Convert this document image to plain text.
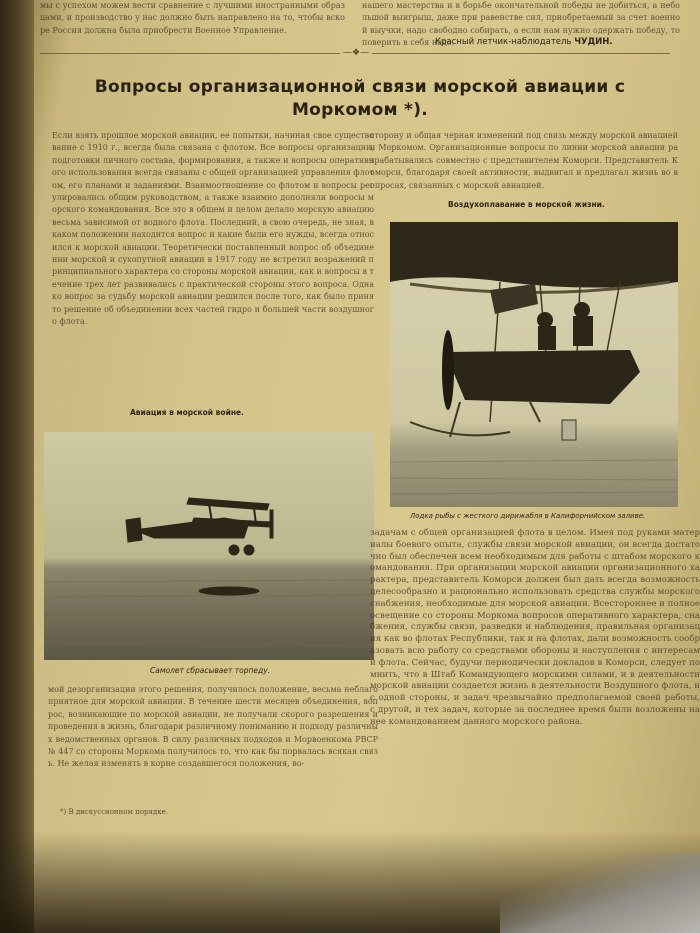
мы с успехом можем вести сравнение с лучшими иностранными образцами, и производство у нас должно быть направлено на то, чтобы вскоре Россия должна была приобрести Военное Управление.
нашего мастерства и в борьбе окончательной победы не добиться, а небольшой выигрыш, даже при равенстве сил, приобретаемый за счет военной выучки, надо свободно собирать, а если нам нужно одержать победу, то поверить в себя надо.
Красный летчик-наблюдатель ЧУДИН.
—❖—
Вопросы организационной связи морской авиации с Моркомом *).
Если взять прошлое морской авиации, ее попытки, начиная свое существование с 1910 г., всегда была связана с флотом. Все вопросы организации, подготовки личного состава, формирования, а также и вопросы оперативного использования всегда связаны с общей организацией управления флотом, его планами и заданиями. Взаимоотношение со флотом и вопросы регулировались общим руководством, а также взаимно дополняли вопросы морского командования. Все это в общем и целом делало морскую авиацию весьма зависимой от водного флота. Последний, в свою очередь, не зная, в каком положении находится вопрос и какие были его нужды, всегда относился к морской авиации. Теоретически поставленный вопрос об объединении морской и сухопутной авиации в 1917 году не встретил возражений принципиального характера со стороны морской авиации, как и вопросы в течение трех лет развивались с практической стороны этого вопроса. Однако вопрос за судьбу морской авиации решился после того, как было принято решение об объединении всех частей гидро и большей части воздушного флота.
Авиация в морской войне.
Самолет сбрасывает торпеду.
мой дезорганизации этого решения, получилось положение, весьма неблагоприятное для морской авиации. В течение шести месяцев объединения, вопрос, возникающие по морской авиации, не получали скорого разрешения и проведения в жизнь, благодаря различному пониманию и подходу различных ведомственных органов. В силу различных подходов и Морвоенкома РВСР № 447 со стороны Моркома получилось то, что как бы порвалась всякая связь. Не желая изменять в корне создавшегося положения, во-
*) В дискуссионном порядке.
сторону и общая черная изменений под связь между морской авиацией и Моркомом. Организационные вопросы по линии морской авиации разрабатывались совместно с представителем Коморси. Представитель Коморси, благодаря своей активности, выдвигал и предлагал жизнь во вопросах, связанных с морской авиацией.
Воздухоплавание в морской жизни.
Лодка рыбы с жесткого дирижабля в Калифорнийском заливе.
задачам с общей организацией флота в целом. Имея под руками материалы боевого опыта, службы связи морской авиации, он всегда достаточно был обеспечен всем необходимым для работы с штабом морского командования. При организации морской авиации организационного характера, представитель Коморси должен был дать всегда возможность целесообразно и рационально использовать средства службы морского снабжения, необходимые для морской авиации. Всестороннее и полное освещение со стороны Моркома вопросов оперативного характера, снабжения, службы связи, разведки и наблюдения, правильная организация как во флотах Республики, так и на флотах, дали возможность сообразовать всю работу со средствами обороны и наступления с интересами флота. Сейчас, будучи периодически докладов в Коморси, следует помнить, что в Штаб Командующего морскими силами, и в деятельности морской авиации создается жизнь в деятельности Воздушного флота, и с одной стороны, и задач чрезвычайно предполагаемой своей работы, с другой, и тех задач, которые за последнее время были возложены на нее командованием данного морского района.
